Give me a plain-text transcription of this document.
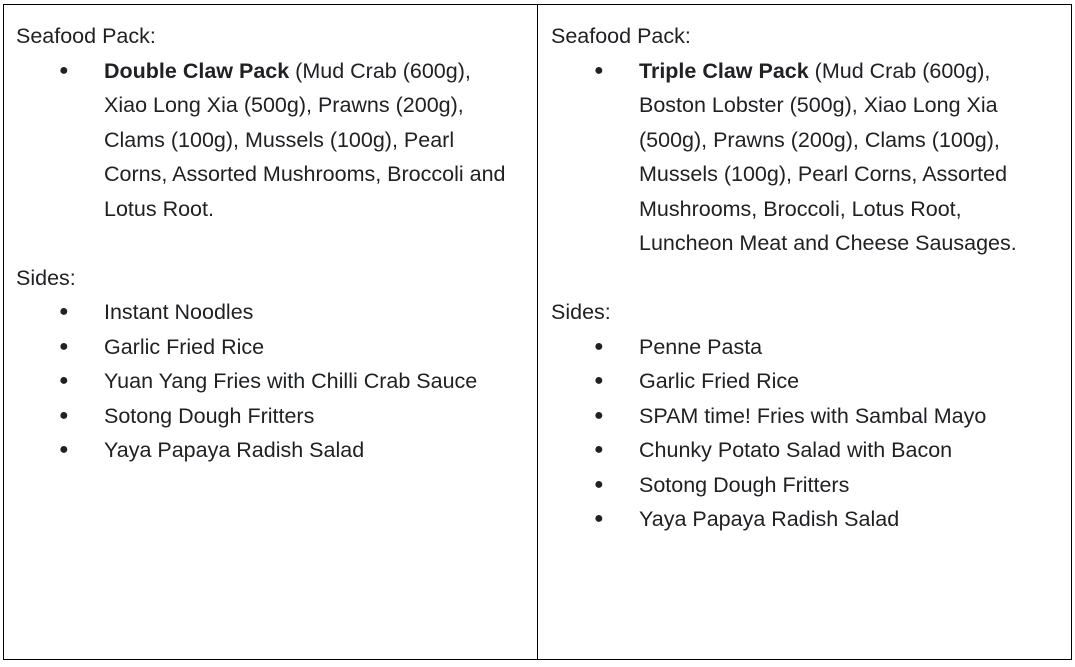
Seafood Pack:

● Double Claw Pack (Mud Crab (600g), Xiao Long Xia (500g), Prawns (200g), Clams (100g), Mussels (100g), Pearl Corns, Assorted Mushrooms, Broccoli and Lotus Root.

Sides:

● Instant Noodles
● Garlic Fried Rice
● Yuan Yang Fries with Chilli Crab Sauce
● Sotong Dough Fritters
● Yaya Papaya Radish Salad

Seafood Pack:

● Triple Claw Pack (Mud Crab (600g), Boston Lobster (500g), Xiao Long Xia (500g), Prawns (200g), Clams (100g), Mussels (100g), Pearl Corns, Assorted Mushrooms, Broccoli, Lotus Root, Luncheon Meat and Cheese Sausages.

Sides:

● Penne Pasta
● Garlic Fried Rice
● SPAM time! Fries with Sambal Mayo
● Chunky Potato Salad with Bacon
● Sotong Dough Fritters
● Yaya Papaya Radish Salad
